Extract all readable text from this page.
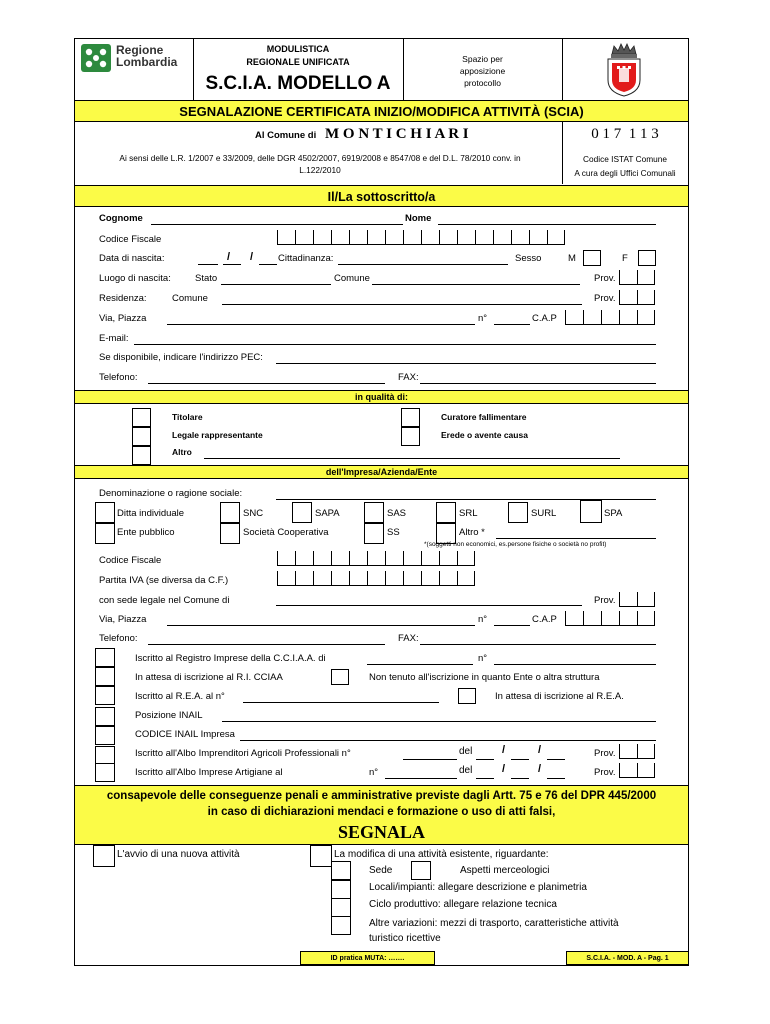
Regione
Lombardia
MODULISTICA
REGIONALE UNIFICATA
S.C.I.A. MODELLO A
Spazio per
apposizione
protocollo
SEGNALAZIONE CERTIFICATA INIZIO/MODIFICA ATTIVITÀ (SCIA)
Al Comune di M O N T I C H I A R I	0 1 7  1 1 3
Ai sensi delle L.R. 1/2007 e 33/2009, delle DGR 4502/2007, 6919/2008 e 8547/08 e del D.L. 78/2010 conv. in
L.122/2010
Codice ISTAT Comune
A cura degli Uffici Comunali
Il/La sottoscritto/a
Cognome	Nome
Codice Fiscale
Data di nascita:	/ /	Cittadinanza:	Sesso	M	F
Luogo di nascita:	Stato	Comune	Prov.
Residenza:	Comune	Prov.
Via, Piazza	n°	C.A.P
E-mail:
Se disponibile, indicare l'indirizzo PEC:
Telefono:	FAX:
in qualità di:
Titolare
Legale rappresentante
Altro
Curatore fallimentare
Erede o avente causa
dell'Impresa/Azienda/Ente
Denominazione o ragione sociale:
Ditta individuale	SNC	SAPA	SAS	SRL	SURL	SPA
Ente pubblico	Società Cooperativa	SS	Altro *
*(soggetti non economici, es.persone fisiche o società no profit)
Codice Fiscale
Partita IVA (se diversa da C.F.)
con sede legale nel Comune di	Prov.
Via, Piazza	n°	C.A.P
Telefono:	FAX:
Iscritto al Registro Imprese della C.C.I.A.A. di	n°
In attesa di iscrizione al R.I. CCIAA	Non tenuto all'iscrizione in quanto Ente o altra struttura
Iscritto al R.E.A. al n°	In attesa di iscrizione al R.E.A.
Posizione INAIL
CODICE INAIL Impresa
Iscritto all'Albo Imprenditori Agricoli Professionali n°	del	/	/	Prov.
Iscritto all'Albo Imprese Artigiane al	n°	del	/	/	Prov.
consapevole delle conseguenze penali e amministrative previste dagli Artt. 75 e 76 del DPR 445/2000
in caso di dichiarazioni mendaci e formazione o uso di atti falsi,
SEGNALA
L'avvio di una nuova attività	La modifica di una attività esistente, riguardante:
Sede	Aspetti merceologici
Locali/impianti: allegare descrizione e planimetria
Ciclo produttivo: allegare relazione tecnica
Altre variazioni: mezzi di trasporto, caratteristiche attività
turistico ricettive
ID pratica MUTA: …….	S.C.I.A. - MOD. A - Pag. 1
